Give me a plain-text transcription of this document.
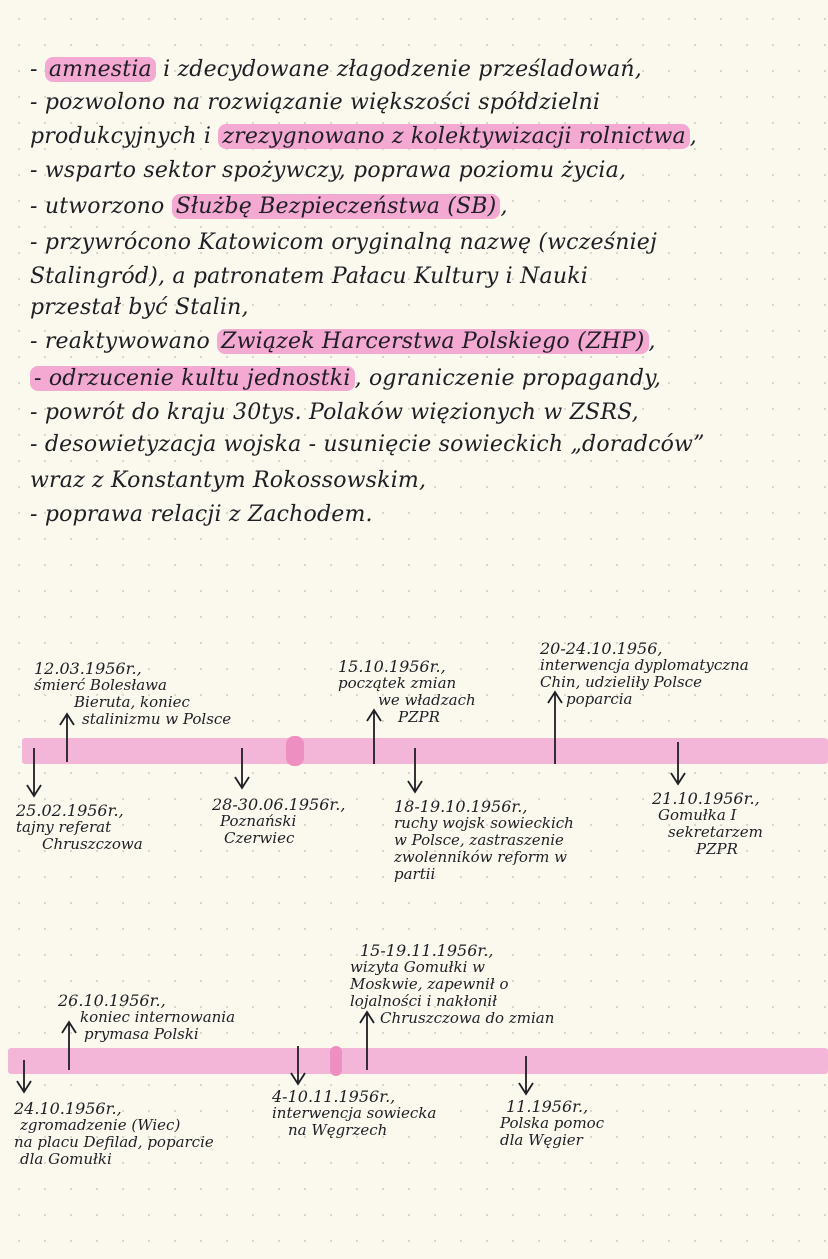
- amnestia i zdecydowane złagodzenie prześladowań,
- pozwolono na rozwiązanie większości spółdzielni
produkcyjnych i zrezygnowano z kolektywizacji rolnictwa ,
- wsparto sektor spożywczy, poprawa poziomu życia,
- utworzono Służbę Bezpieczeństwa (SB) ,
- przywrócono Katowicom oryginalną nazwę (wcześniej
Stalingród), a patronatem Pałacu Kultury i Nauki
przestał być Stalin,
- reaktywowano Związek Harcerstwa Polskiego (ZHP) ,
- odrzucenie kultu jednostki , ograniczenie propagandy,
- powrót do kraju 30tys. Polaków więzionych w ZSRS,
- desowietyzacja wojska - usunięcie sowieckich „doradców”
wraz z Konstantym Rokossowskim,
- poprawa relacji z Zachodem.
12.03.1956r.,
śmierć Bolesława
Bieruta, koniec
stalinizmu w Polsce
15.10.1956r.,
początek zmian
we władzach
PZPR
20-24.10.1956,
interwencja dyplomatyczna
Chin, udzieliły Polsce
poparcia
25.02.1956r.,
tajny referat
Chruszczowa
28-30.06.1956r.,
Poznański
Czerwiec
18-19.10.1956r.,
ruchy wojsk sowieckich
w Polsce, zastraszenie
zwolenników reform w
partii
21.10.1956r.,
Gomułka I
sekretarzem
PZPR
26.10.1956r.,
koniec internowania
prymasa Polski
15-19.11.1956r.,
wizyta Gomułki w
Moskwie, zapewnił o
lojalności i nakłonił
Chruszczowa do zmian
24.10.1956r.,
zgromadzenie (Wiec)
na placu Defilad, poparcie
dla Gomułki
4-10.11.1956r.,
interwencja sowiecka
na Węgrzech
11.1956r.,
Polska pomoc
dla Węgier
